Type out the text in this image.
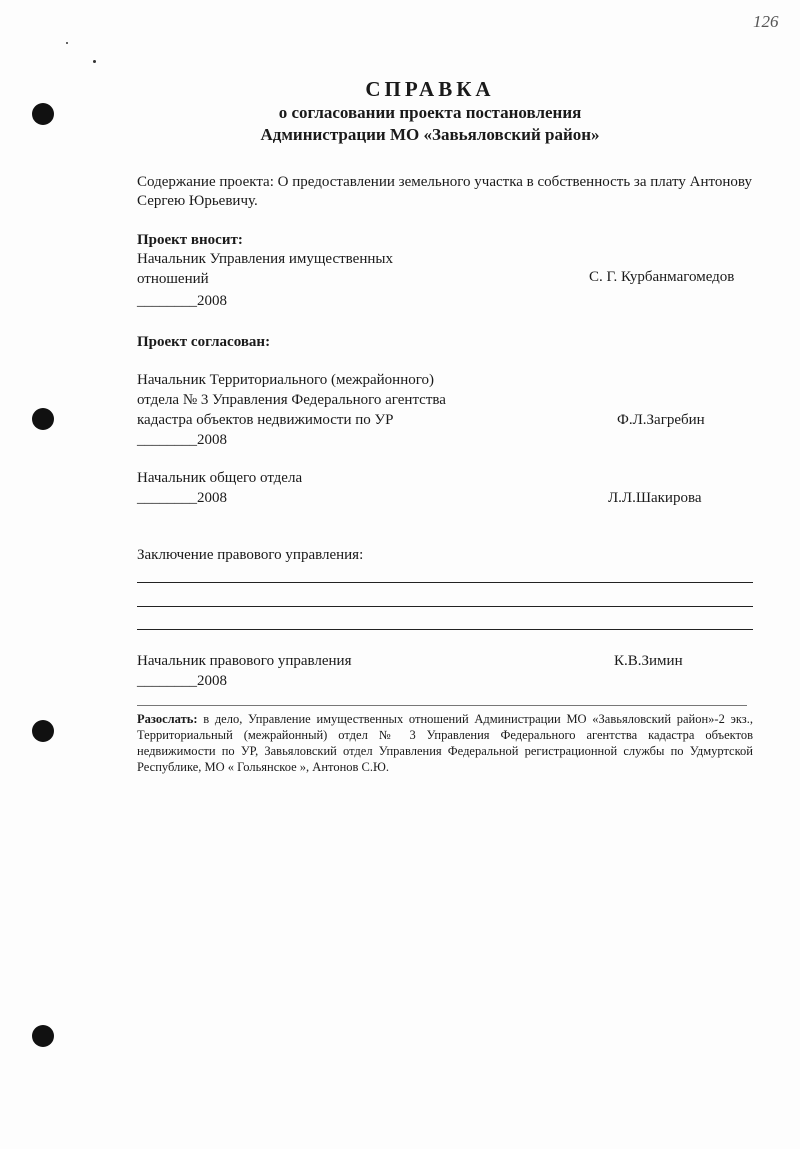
126
СПРАВКА
о согласовании проекта постановления
Администрации МО «Завьяловский район»
Содержание проекта: О предоставлении земельного участка в собственность за плату Антонову Сергею Юрьевичу.
Проект вносит:
Начальник Управления имущественных
отношений	С. Г. Курбанмагомедов
________2008
Проект согласован:
Начальник Территориального (межрайонного)
отдела № 3 Управления Федерального агентства
кадастра объектов недвижимости по УР	Ф.Л.Загребин
________2008
Начальник общего отдела
________2008	Л.Л.Шакирова
Заключение правового управления:
Начальник правового управления	К.В.Зимин
________2008
Разослать: в дело, Управление имущественных отношений Администрации МО «Завьяловский район»-2 экз., Территориальный (межрайонный) отдел № 3 Управления Федерального агентства кадастра объектов недвижимости по УР, Завьяловский отдел Управления Федеральной регистрационной службы по Удмуртской Республике, МО « Гольянское », Антонов С.Ю.
